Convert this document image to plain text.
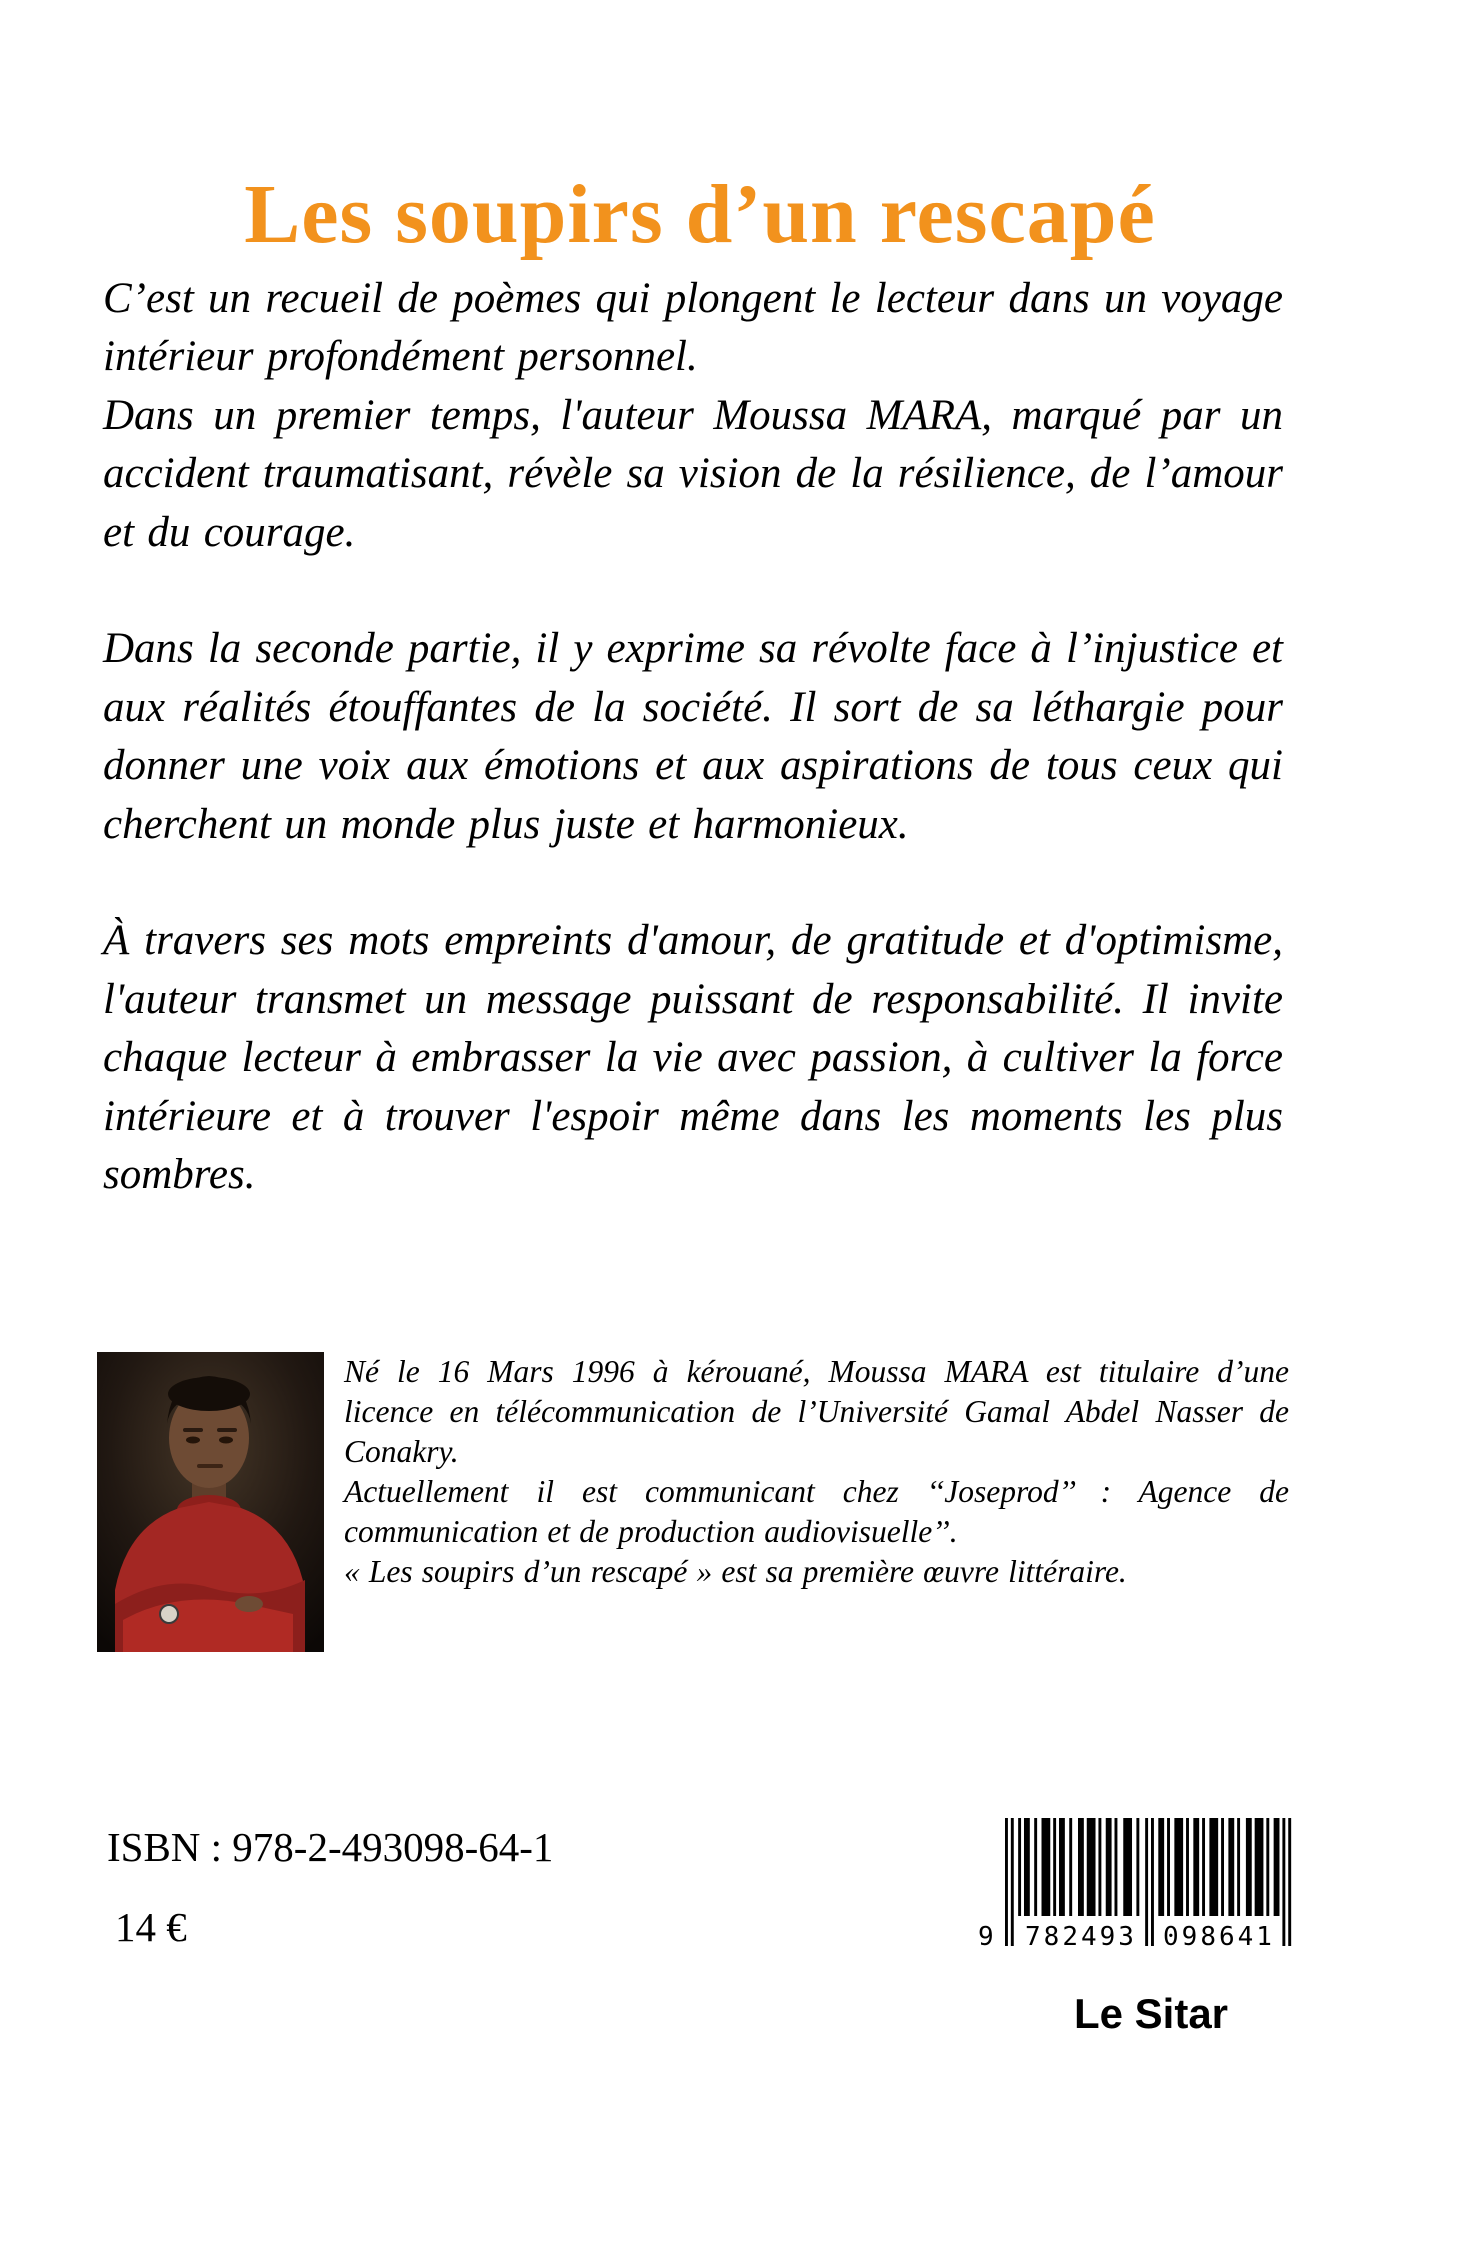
Les soupirs d’un rescapé

C’est un recueil de poèmes qui plongent le lecteur dans un voyage intérieur profondément personnel.

Dans un premier temps, l'auteur Moussa MARA, marqué par un accident traumatisant, révèle sa vision de la résilience, de l’amour et du courage.

Dans la seconde partie, il y exprime sa révolte face à l’injustice et aux réalités étouffantes de la société. Il sort de sa léthargie pour donner une voix aux émotions et aux aspirations de tous ceux qui cherchent un monde plus juste et harmonieux.

À travers ses mots empreints d'amour, de gratitude et d'optimisme, l'auteur transmet un message puissant de responsabilité. Il invite chaque lecteur à embrasser la vie avec passion, à cultiver la force intérieure et à trouver l'espoir même dans les moments les plus sombres.

Né le 16 Mars 1996 à kérouané, Moussa MARA est titulaire d’une licence en télécommunication de l’Université Gamal Abdel Nasser de Conakry.

Actuellement il est communicant chez ‘‘Joseprod’’ : Agence de communication et de production audiovisuelle’’.

« Les soupirs d’un rescapé » est sa première œuvre littéraire.

ISBN : 978-2-493098-64-1
14 €	9 782493 098641
Le Sitar
